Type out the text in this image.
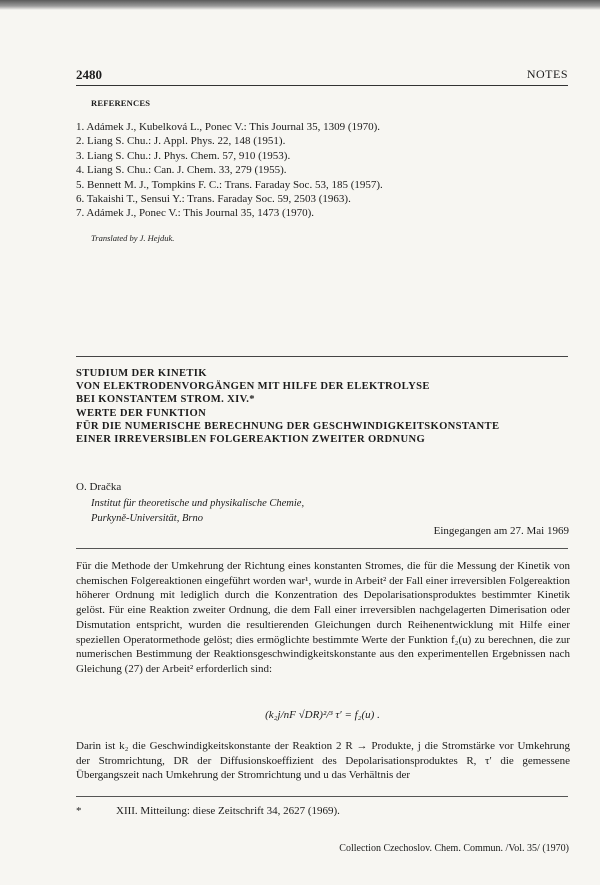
2480	NOTES
REFERENCES
1. Adámek J., Kubelková L., Ponec V.: This Journal 35, 1309 (1970).
2. Liang S. Chu.: J. Appl. Phys. 22, 148 (1951).
3. Liang S. Chu.: J. Phys. Chem. 57, 910 (1953).
4. Liang S. Chu.: Can. J. Chem. 33, 279 (1955).
5. Bennett M. J., Tompkins F. C.: Trans. Faraday Soc. 53, 185 (1957).
6. Takaishi T., Sensui Y.: Trans. Faraday Soc. 59, 2503 (1963).
7. Adámek J., Ponec V.: This Journal 35, 1473 (1970).
Translated by J. Hejduk.
STUDIUM DER KINETIK
VON ELEKTRODENVORGÄNGEN MIT HILFE DER ELEKTROLYSE
BEI KONSTANTEM STROM. XIV.*
WERTE DER FUNKTION
FÜR DIE NUMERISCHE BERECHNUNG DER GESCHWINDIGKEITSKONSTANTE
EINER IRREVERSIBLEN FOLGEREAKTION ZWEITER ORDNUNG
O. Dračka
Institut für theoretische und physikalische Chemie,
Purkyně-Universität, Brno
Eingegangen am 27. Mai 1969

Für die Methode der Umkehrung der Richtung eines konstanten Stromes, die für die Messung der Kinetik von chemischen Folgereaktionen eingeführt worden war¹, wurde in Arbeit² der Fall einer irreversiblen Folgereaktion höherer Ordnung mit lediglich durch die Konzentration des Depolarisationsproduktes bestimmter Kinetik gelöst. Für eine Reaktion zweiter Ordnung, die dem Fall einer irreversiblen nachgelagerten Dimerisation oder Dismutation entspricht, wurden die resultierenden Gleichungen durch Reihenentwicklung mit Hilfe einer speziellen Operatormethode gelöst; dies ermöglichte bestimmte Werte der Funktion f₂(u) zu berechnen, die zur numerischen Bestimmung der Reaktionsgeschwindigkeitskonstante aus den experimentellen Ergebnissen nach Gleichung (27) der Arbeit² erforderlich sind:

(k₂j/nF √DR)²/³ τ′ = f₂(u) .

Darin ist k₂ die Geschwindigkeitskonstante der Reaktion 2 R → Produkte, j die Stromstärke vor Umkehrung der Stromrichtung, DR der Diffusionskoeffizient des Depolarisationsproduktes R, τ′ die gemessene Übergangszeit nach Umkehrung der Stromrichtung und u das Verhältnis der

*	XIII. Mitteilung: diese Zeitschrift 34, 2627 (1969).
Collection Czechoslov. Chem. Commun. /Vol. 35/ (1970)
